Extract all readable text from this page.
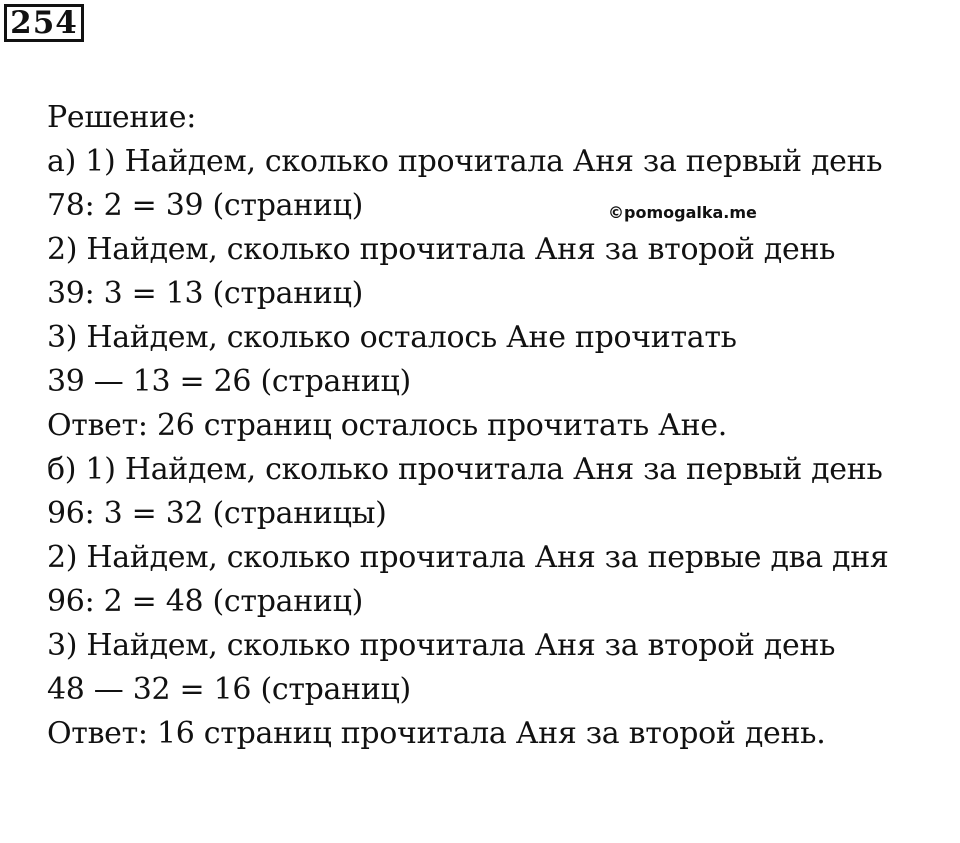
254
©pomogalka.me
Решение:
а) 1) Найдем, сколько прочитала Аня за первый день
78: 2 = 39 (страниц)
2) Найдем, сколько прочитала Аня за второй день
39: 3 = 13 (страниц)
3) Найдем, сколько осталось Ане прочитать
39 — 13 = 26 (страниц)
Ответ: 26 страниц осталось прочитать Ане.
б) 1) Найдем, сколько прочитала Аня за первый день
96: 3 = 32 (страницы)
2) Найдем, сколько прочитала Аня за первые два дня
96: 2 = 48 (страниц)
3) Найдем, сколько прочитала Аня за второй день
48 — 32 = 16 (страниц)
Ответ: 16 страниц прочитала Аня за второй день.
